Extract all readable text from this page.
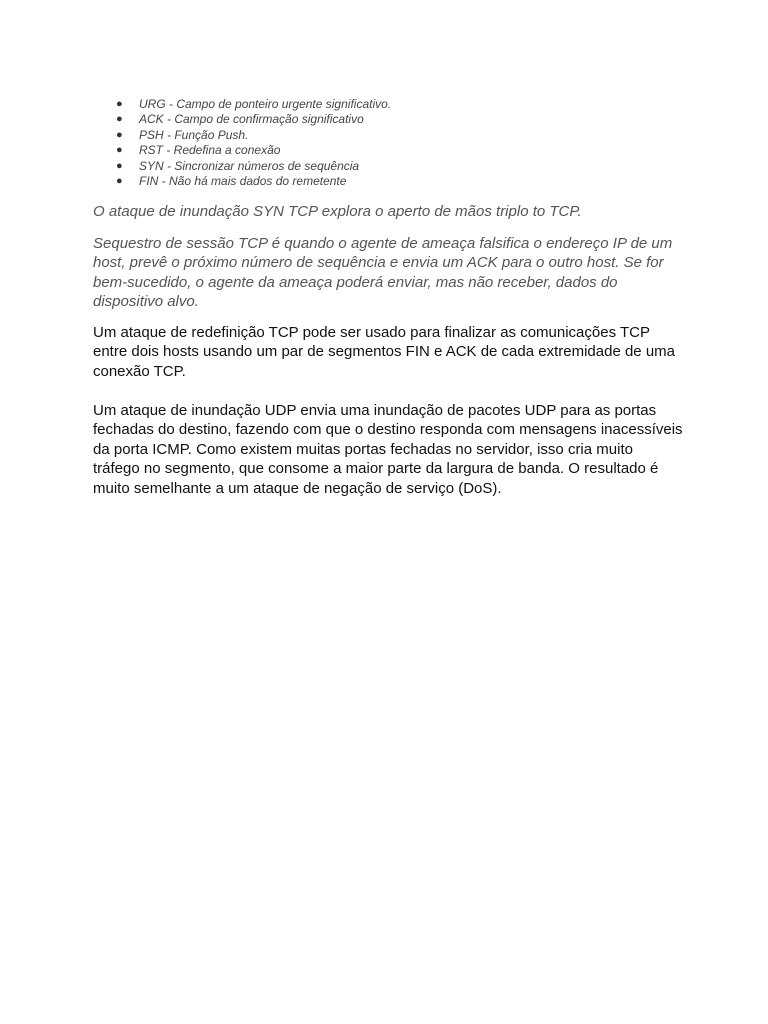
● URG - Campo de ponteiro urgente significativo.
● ACK - Campo de confirmação significativo
● PSH - Função Push.
● RST - Redefina a conexão
● SYN - Sincronizar números de sequência
● FIN - Não há mais dados do remetente

O ataque de inundação SYN TCP explora o aperto de mãos triplo to TCP.

Sequestro de sessão TCP é quando o agente de ameaça falsifica o endereço IP de um host, prevê o próximo número de sequência e envia um ACK para o outro host. Se for bem-sucedido, o agente da ameaça poderá enviar, mas não receber, dados do dispositivo alvo.

Um ataque de redefinição TCP pode ser usado para finalizar as comunicações TCP entre dois hosts usando um par de segmentos FIN e ACK de cada extremidade de uma conexão TCP.

Um ataque de inundação UDP envia uma inundação de pacotes UDP para as portas fechadas do destino, fazendo com que o destino responda com mensagens inacessíveis da porta ICMP. Como existem muitas portas fechadas no servidor, isso cria muito tráfego no segmento, que consome a maior parte da largura de banda. O resultado é muito semelhante a um ataque de negação de serviço (DoS).
